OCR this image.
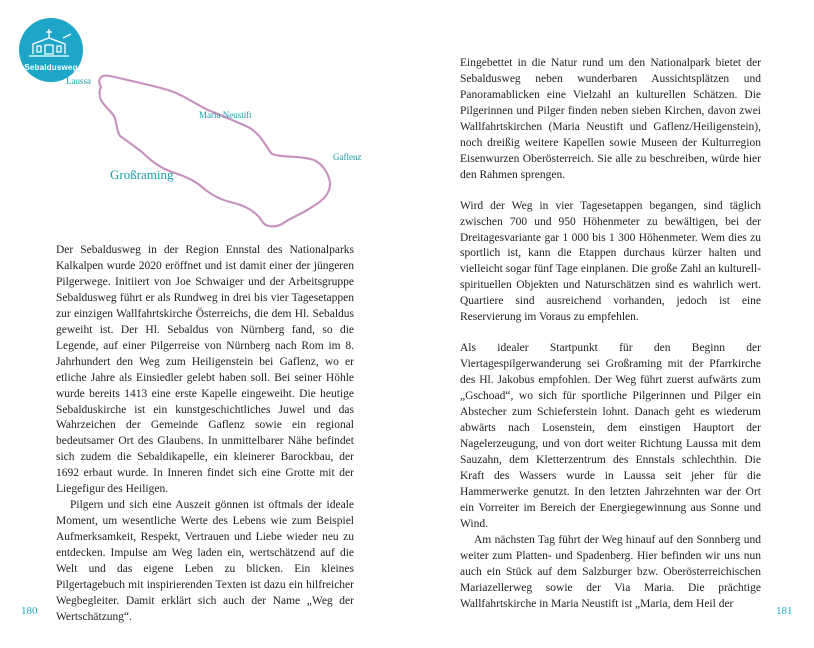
Sebaldusweg
Laussa
Maria Neustift
Gaflenz
Großraming

Der Sebaldusweg in der Region Ennstal des Nationalparks Kalkalpen wurde 2020 eröffnet und ist damit einer der jüngeren Pilgerwege. Initiiert von Joe Schwaiger und der Arbeitsgruppe Sebaldusweg führt er als Rundweg in drei bis vier Tagesetappen zur einzigen Wallfahrtskirche Österreichs, die dem Hl. Sebaldus geweiht ist. Der Hl. Sebaldus von Nürnberg fand, so die Legende, auf einer Pilgerreise von Nürnberg nach Rom im 8. Jahrhundert den Weg zum Heiligenstein bei Gaflenz, wo er etliche Jahre als Einsiedler gelebt haben soll. Bei seiner Höhle wurde bereits 1413 eine erste Kapelle eingeweiht. Die heutige Sebalduskirche ist ein kunstgeschichtliches Juwel und das Wahrzeichen der Gemeinde Gaflenz sowie ein regional bedeutsamer Ort des Glaubens. In unmittelbarer Nähe befindet sich zudem die Sebaldikapelle, ein kleinerer Barockbau, der 1692 erbaut wurde. In Inneren findet sich eine Grotte mit der Liegefigur des Heiligen.

Pilgern und sich eine Auszeit gönnen ist oftmals der ideale Moment, um wesentliche Werte des Lebens wie zum Beispiel Aufmerksamkeit, Respekt, Vertrauen und Liebe wieder neu zu entdecken. Impulse am Weg laden ein, wertschätzend auf die Welt und das eigene Leben zu blicken. Ein kleines Pilgertagebuch mit inspirierenden Texten ist dazu ein hilfreicher Wegbegleiter. Damit erklärt sich auch der Name „Weg der Wertschätzung“.

180

Eingebettet in die Natur rund um den Nationalpark bietet der Sebaldusweg neben wunderbaren Aussichtsplätzen und Panoramablicken eine Vielzahl an kulturellen Schätzen. Die Pilgerinnen und Pilger finden neben sieben Kirchen, davon zwei Wallfahrtskirchen (Maria Neustift und Gaflenz/Heiligenstein), noch dreißig weitere Kapellen sowie Museen der Kulturregion Eisenwurzen Oberösterreich. Sie alle zu beschreiben, würde hier den Rahmen sprengen.

Wird der Weg in vier Tagesetappen begangen, sind täglich zwischen 700 und 950 Höhenmeter zu bewältigen, bei der Dreitagesvariante gar 1 000 bis 1 300 Höhenmeter. Wem dies zu sportlich ist, kann die Etappen durchaus kürzer halten und vielleicht sogar fünf Tage einplanen. Die große Zahl an kulturell-spirituellen Objekten und Naturschätzen sind es wahrlich wert. Quartiere sind ausreichend vorhanden, jedoch ist eine Reservierung im Voraus zu empfehlen.

Als idealer Startpunkt für den Beginn der Viertagespilgerwanderung sei Großraming mit der Pfarrkirche des Hl. Jakobus empfohlen. Der Weg führt zuerst aufwärts zum „Gschoad“, wo sich für sportliche Pilgerinnen und Pilger ein Abstecher zum Schieferstein lohnt. Danach geht es wiederum abwärts nach Losenstein, dem einstigen Hauptort der Nagelerzeugung, und von dort weiter Richtung Laussa mit dem Sauzahn, dem Kletterzentrum des Ennstals schlechthin. Die Kraft des Wassers wurde in Laussa seit jeher für die Hammerwerke genutzt. In den letzten Jahrzehnten war der Ort ein Vorreiter im Bereich der Energiegewinnung aus Sonne und Wind.

Am nächsten Tag führt der Weg hinauf auf den Sonnberg und weiter zum Platten- und Spadenberg. Hier befinden wir uns nun auch ein Stück auf dem Salzburger bzw. Oberösterreichischen Mariazellerweg sowie der Via Maria. Die prächtige Wallfahrtskirche in Maria Neustift ist „Maria, dem Heil der

181
